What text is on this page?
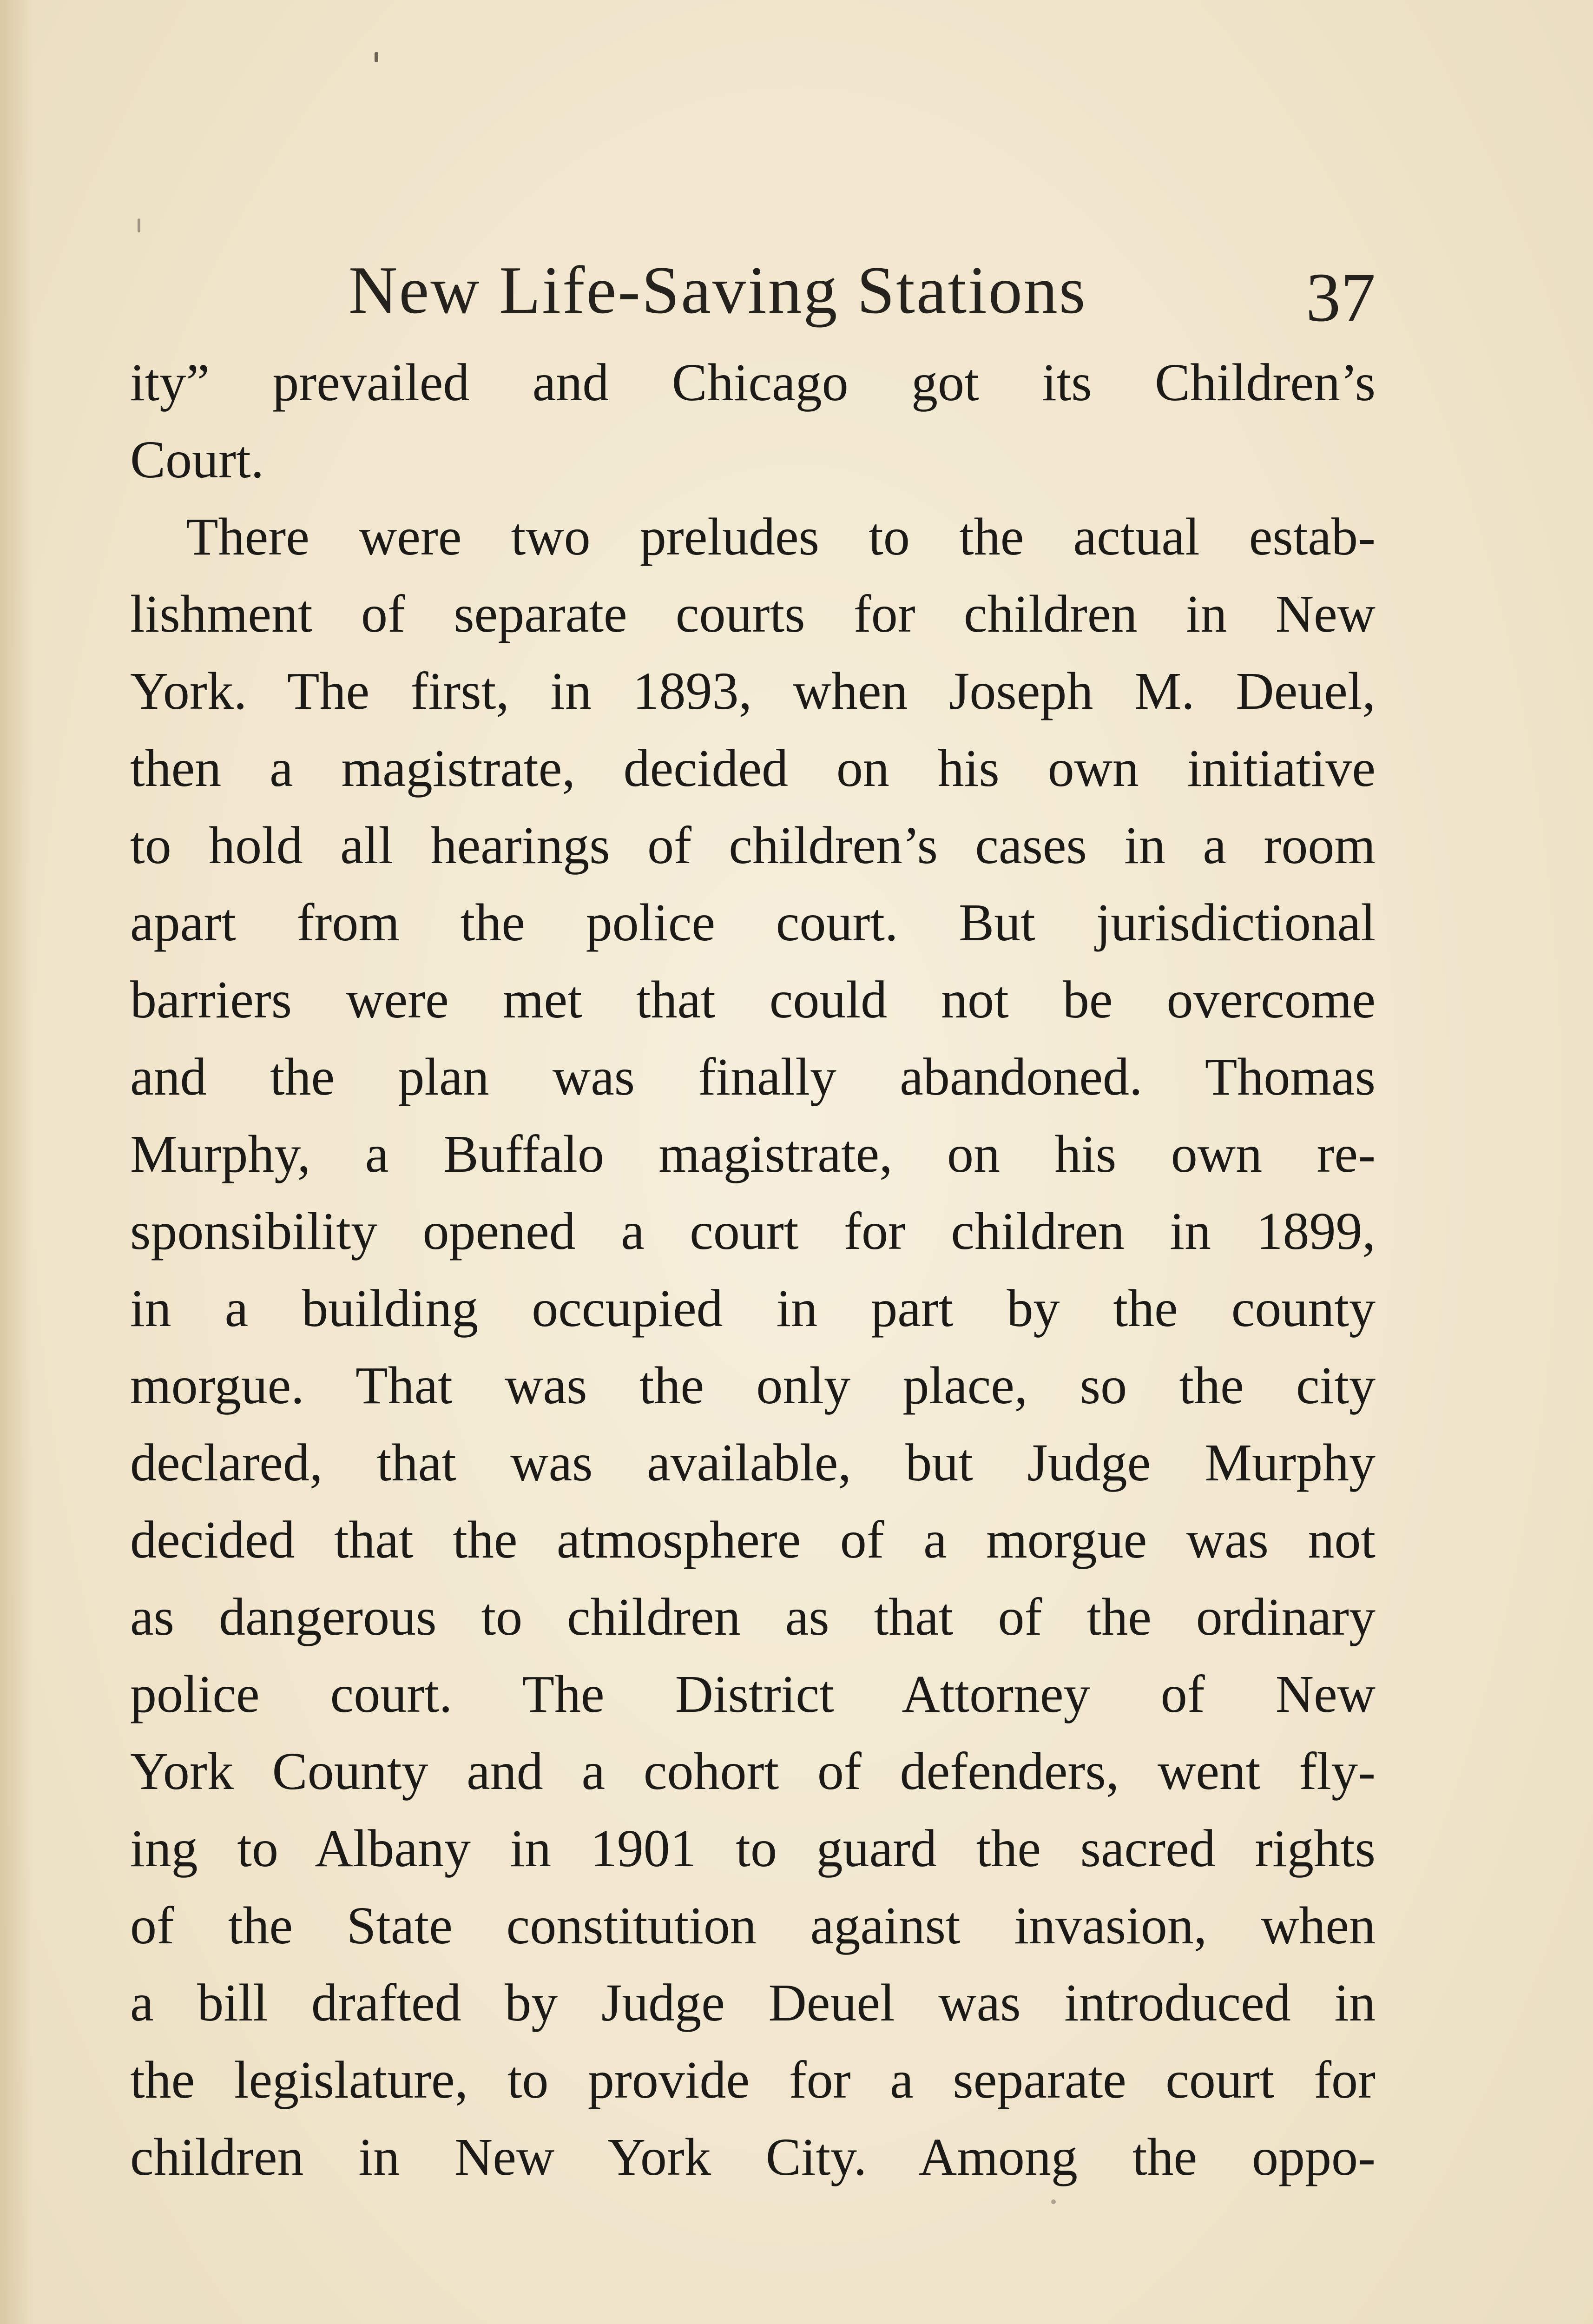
New Life-Saving Stations	37
ity” prevailed and Chicago got its Children’s
Court.
There were two preludes to the actual estab-
lishment of separate courts for children in New
York. The first, in 1893, when Joseph M. Deuel,
then a magistrate, decided on his own initiative
to hold all hearings of children’s cases in a room
apart from the police court. But jurisdictional
barriers were met that could not be overcome
and the plan was finally abandoned. Thomas
Murphy, a Buffalo magistrate, on his own re-
sponsibility opened a court for children in 1899,
in a building occupied in part by the county
morgue. That was the only place, so the city
declared, that was available, but Judge Murphy
decided that the atmosphere of a morgue was not
as dangerous to children as that of the ordinary
police court. The District Attorney of New
York County and a cohort of defenders, went fly-
ing to Albany in 1901 to guard the sacred rights
of the State constitution against invasion, when
a bill drafted by Judge Deuel was introduced in
the legislature, to provide for a separate court for
children in New York City. Among the oppo-
